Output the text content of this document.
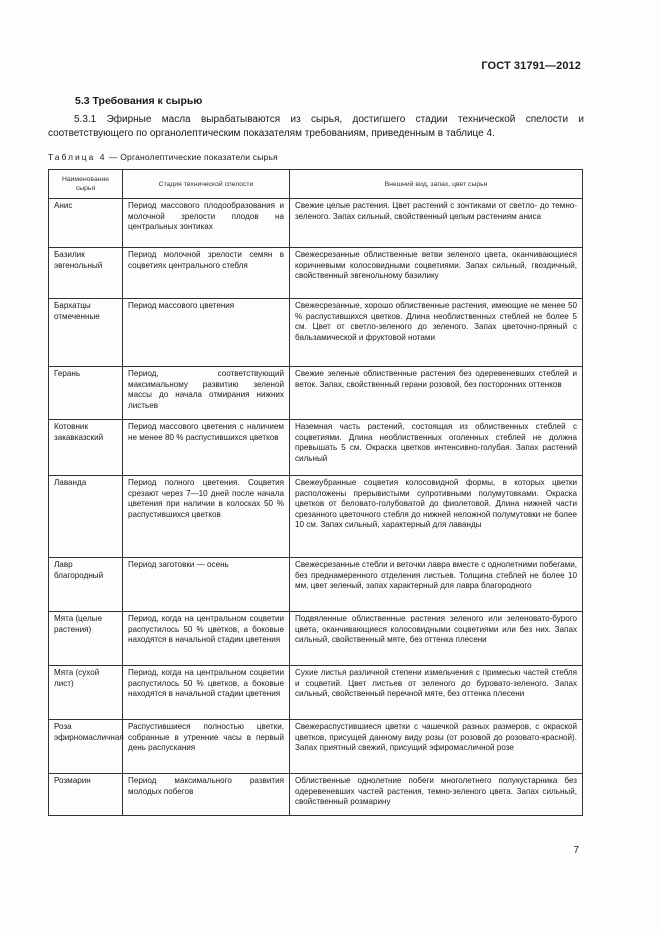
ГОСТ 31791—2012
5.3 Требования к сырью
5.3.1 Эфирные масла вырабатываются из сырья, достигшего стадии технической спелости и соответствующего по органолептическим показателям требованиям, приведенным в таблице 4.
Таблица 4 — Органолептические показатели сырья
Наименование сырья	Стадия технической спелости	Внешний вид, запах, цвет сырья
Анис	Период массового плодообразования и молочной зрелости плодов на центральных зонтиках	Свежие целые растения. Цвет растений с зонтиками от светло- до темно-зеленого. Запах сильный, свойственный целым растениям аниса
Базилик эвгенольный	Период молочной зрелости семян в соцветиях центрального стебля	Свежесрезанные облиственные ветви зеленого цвета, оканчивающиеся коричневыми колосовидными соцветиями. Запах сильный, гвоздичный, свойственный эвгенольному базилику
Бархатцы отмеченные	Период массового цветения	Свежесрезанные, хорошо облиственные растения, имеющие не менее 50 % распустившихся цветков. Длина необлиственных стеблей не более 5 см. Цвет от светло-зеленого до зеленого. Запах цветочно-пряный с бальзамической и фруктовой нотами
Герань	Период, соответствующий максимальному развитию зеленой массы до начала отмирания нижних листьев	Свежие зеленые облиственные растения без одеревеневших стеблей и веток. Запах, свойственный герани розовой, без посторонних оттенков
Котовник закавказский	Период массового цветения с наличием не менее 80 % распустившихся цветков	Наземная часть растений, состоящая из облиственных стеблей с соцветиями. Длина необлиственных оголенных стеблей не должна превышать 5 см. Окраска цветков интенсивно-голубая. Запах растений сильный
Лаванда	Период полного цветения. Соцветия срезают через 7—10 дней после начала цветения при наличии в колосках 50 % распустившихся цветков	Свежеубранные соцветия колосовидной формы, в которых цветки расположены прерывистыми супротивными полумутовками. Окраска цветков от беловато-голубоватой до фиолетовой. Длина нижней части срезанного цветочного стебля до нижней неложной полумутовки не более 10 см. Запах сильный, характерный для лаванды
Лавр благородный	Период заготовки — осень	Свежесрезанные стебли и веточки лавра вместе с однолетними побегами, без преднамеренного отделения листьев. Толщина стеблей не более 10 мм, цвет зеленый, запах характерный для лавра благородного
Мята (целые растения)	Период, когда на центральном соцветии распустилось 50 % цветков, а боковые находятся в начальной стадии цветения	Подвяленные облиственные растения зеленого или зеленовато-бурого цвета, оканчивающиеся колосовидными соцветиями или без них. Запах сильный, свойственный мяте, без оттенка плесени
Мята (сухой лист)	Период, когда на центральном соцветии распустилось 50 % цветков, а боковые находятся в начальной стадии цветения	Сухие листья различной степени измельчения с примесью частей стебля и соцветий. Цвет листьев от зеленого до буровато-зеленого. Запах сильный, свойственный перечной мяте, без оттенка плесени
Роза эфирномасличная	Распустившиеся полностью цветки, собранные в утренние часы в первый день распускания	Свежераспустившиеся цветки с чашечкой разных размеров, с окраской цветков, присущей данному виду розы (от розовой до розовато-красной). Запах приятный свежий, присущий эфиромасличной розе
Розмарин	Период максимального развития молодых побегов	Облиственные однолетние побеги многолетнего полукустарника без одеревеневших частей растения, темно-зеленого цвета. Запах сильный, свойственный розмарину
7
